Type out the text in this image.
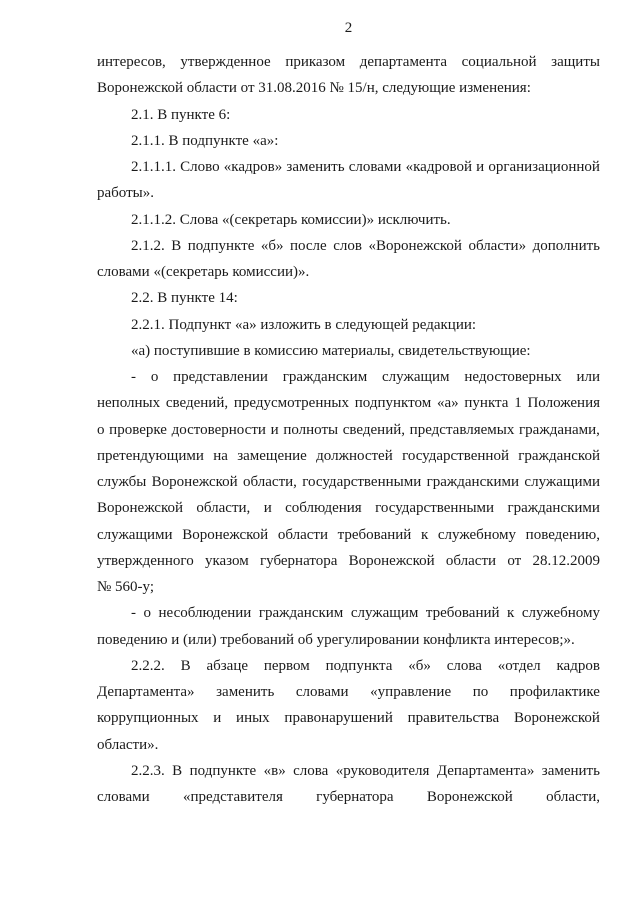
2
интересов, утвержденное приказом департамента социальной защиты
Воронежской области от 31.08.2016 № 15/н, следующие изменения:
2.1. В пункте 6:
2.1.1. В подпункте «а»:
2.1.1.1. Слово «кадров» заменить словами «кадровой и организационной
работы».
2.1.1.2. Слова «(секретарь комиссии)» исключить.
2.1.2. В подпункте «б» после слов «Воронежской области» дополнить
словами «(секретарь комиссии)».
2.2. В пункте 14:
2.2.1. Подпункт «а» изложить в следующей редакции:
«а) поступившие в комиссию материалы, свидетельствующие:
- о представлении гражданским служащим недостоверных или
неполных сведений, предусмотренных подпунктом «а» пункта 1 Положения
о проверке достоверности и полноты сведений, представляемых гражданами,
претендующими на замещение должностей государственной гражданской
службы Воронежской области, государственными гражданскими служащими
Воронежской области, и соблюдения государственными гражданскими
служащими Воронежской области требований к служебному поведению,
утвержденного указом губернатора Воронежской области от 28.12.2009
№ 560-у;
- о несоблюдении гражданским служащим требований к служебному
поведению и (или) требований об урегулировании конфликта интересов;».
2.2.2. В абзаце первом подпункта «б» слова «отдел кадров
Департамента» заменить словами «управление по профилактике
коррупционных и иных правонарушений правительства Воронежской
области».
2.2.3. В подпункте «в» слова «руководителя Департамента» заменить
словами «представителя губернатора Воронежской области,
